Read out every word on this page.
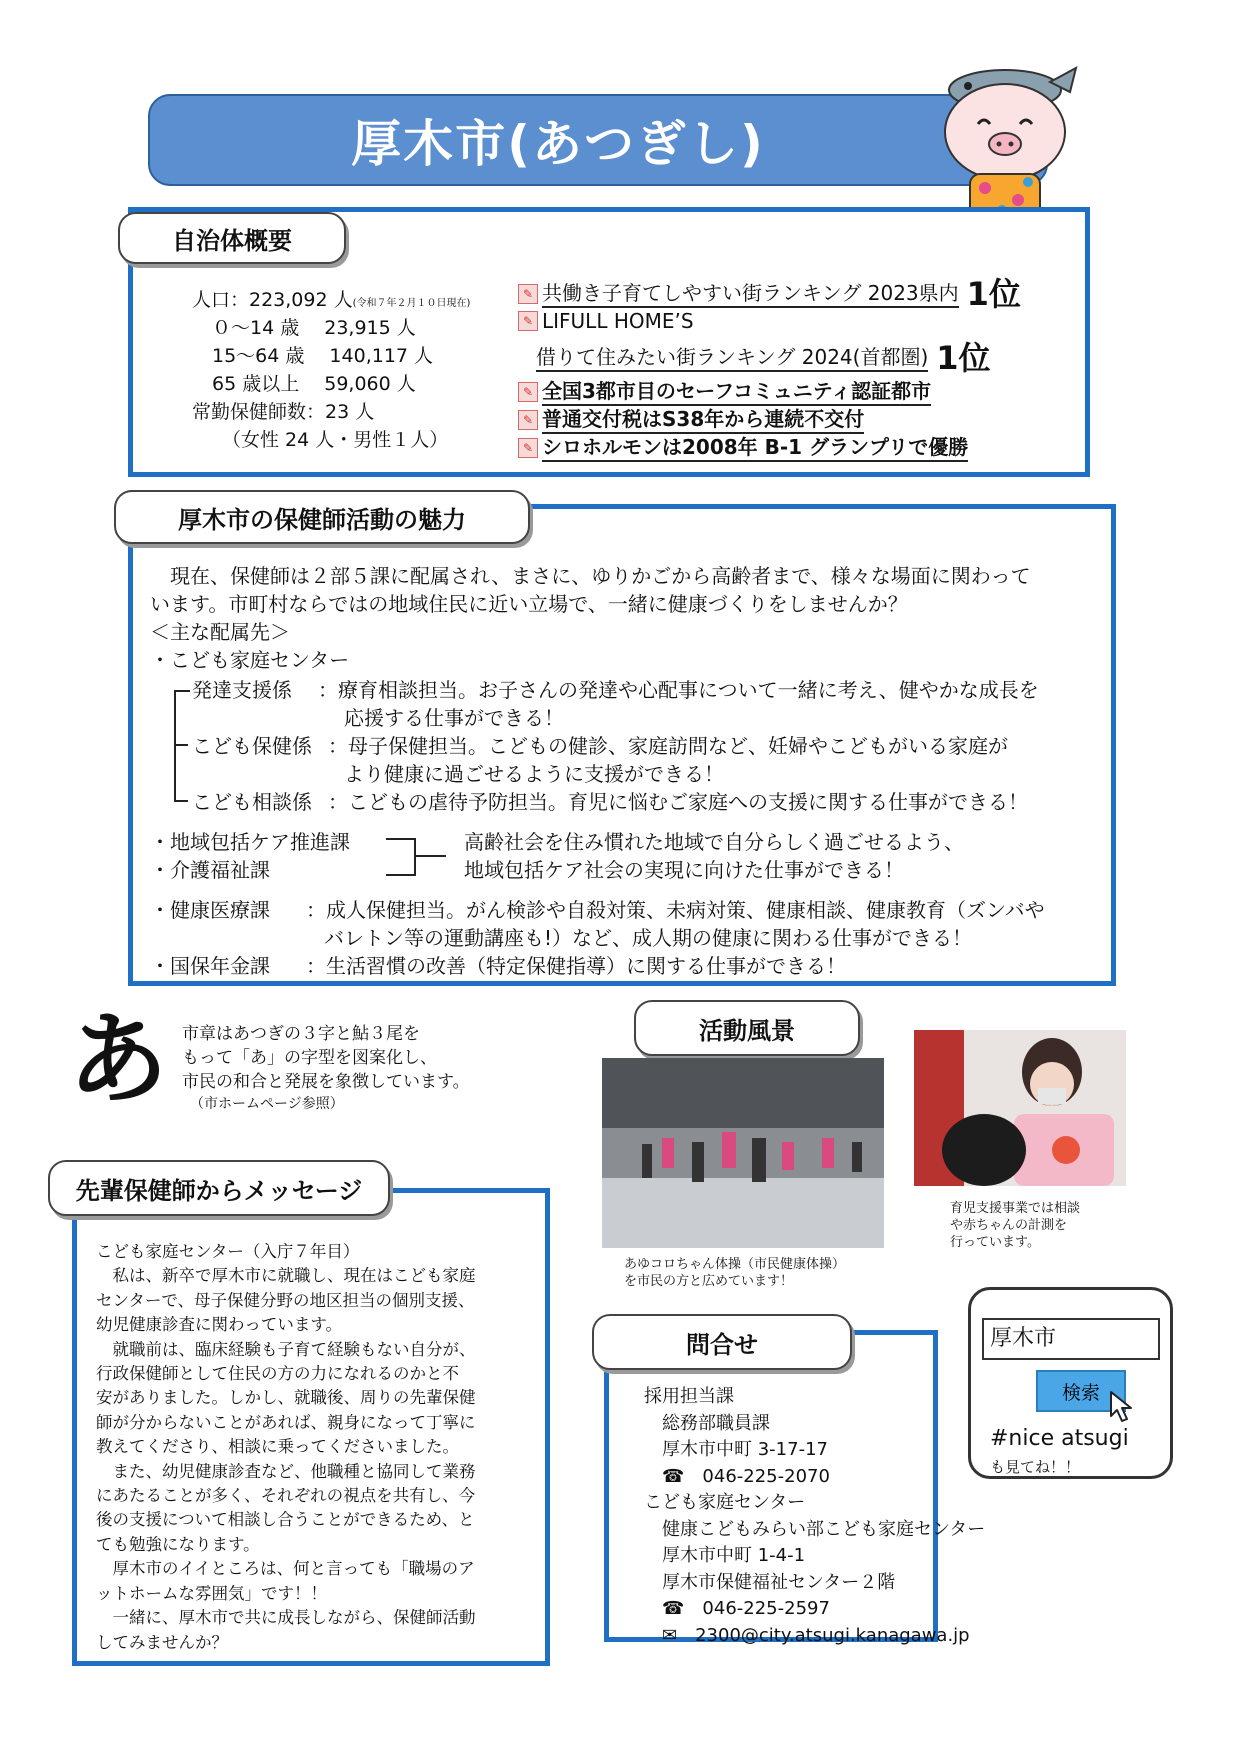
厚木市(あつぎし)
自治体概要
人口：223,092 人(令和７年２月１０日現在)
０～14 歳　 23,915 人
15～64 歳　 140,117 人
65 歳以上　 59,060 人
常勤保健師数：23 人
（女性 24 人・男性１人）
✎ 共働き子育てしやすい街ランキング 2023県内 1位
✎ LIFULL HOME’S
借りて住みたい街ランキング 2024(首都圏) 1位
✎ 全国3都市目のセーフコミュニティ認証都市
✎ 普通交付税はS38年から連続不交付
✎ シロホルモンは2008年 B-1 グランプリで 優勝
厚木市の保健師活動の魅力
　現在、保健師は２部５課に配属され、まさに、ゆりかごから高齢者まで、様々な場面に関わって
います。市町村ならではの地域住民に近い立場で、一緒に健康づくりをしませんか？
＜主な配属先＞
・こども家庭センター
発達支援係 ：療育相談担当。お子さんの発達や心配事について一緒に考え、健やかな成長を
応援する仕事ができる！
こども保健係 ：母子保健担当。こどもの健診、家庭訪問など、妊婦やこどもがいる家庭が
より健康に過ごせるように支援ができる！
こども相談係 ：こどもの虐待予防担当。育児に悩むご家庭への支援に関する仕事ができる！
・地域包括ケア推進課
・介護福祉課
高齢社会を住み慣れた地域で自分らしく過ごせるよう、
地域包括ケア社会の実現に向けた仕事ができる！
・健康医療課 ：成人保健担当。がん検診や自殺対策、未病対策、健康相談、健康教育（ズンバや
バレトン等の運動講座も!）など、成人期の健康に関わる仕事ができる！
・国保年金課 ：生活習慣の改善（特定保健指導）に関する仕事ができる！
あ 市章はあつぎの３字と鮎３尾を
もって「あ」の字型を図案化し、
市民の和合と発展を象徴しています。
（市ホームページ参照）
活動風景
あゆコロちゃん体操（市民健康体操）
を市民の方と広めています！
育児支援事業では相談
や赤ちゃんの計測を
行っています。
先輩保健師からメッセージ
こども家庭センター（入庁７年目）
　私は、新卒で厚木市に就職し、現在はこども家庭
センターで、母子保健分野の地区担当の個別支援、
幼児健康診査に関わっています。
　就職前は、臨床経験も子育て経験もない自分が、
行政保健師として住民の方の力になれるのかと不
安がありました。しかし、就職後、周りの先輩保健
師が分からないことがあれば、親身になって丁寧に
教えてくださり、相談に乗ってくださいました。
　また、幼児健康診査など、他職種と協同して業務
にあたることが多く、それぞれの視点を共有し、今
後の支援について相談し合うことができるため、と
ても勉強になります。
　厚木市のイイところは、何と言っても「職場のア
ットホームな雰囲気」です！！
　一緒に、厚木市で共に成長しながら、保健師活動
してみませんか？
問合せ
採用担当課
　総務部職員課
　厚木市中町 3-17-17
　☎　046-225-2070
こども家庭センター
　健康こどもみらい部こども家庭センター
　厚木市中町 1-4-1
　厚木市保健福祉センター２階
　☎　046-225-2597
　✉　2300@city.atsugi.kanagawa.jp
厚木市
検索
#nice atsugi
も見てね！！
